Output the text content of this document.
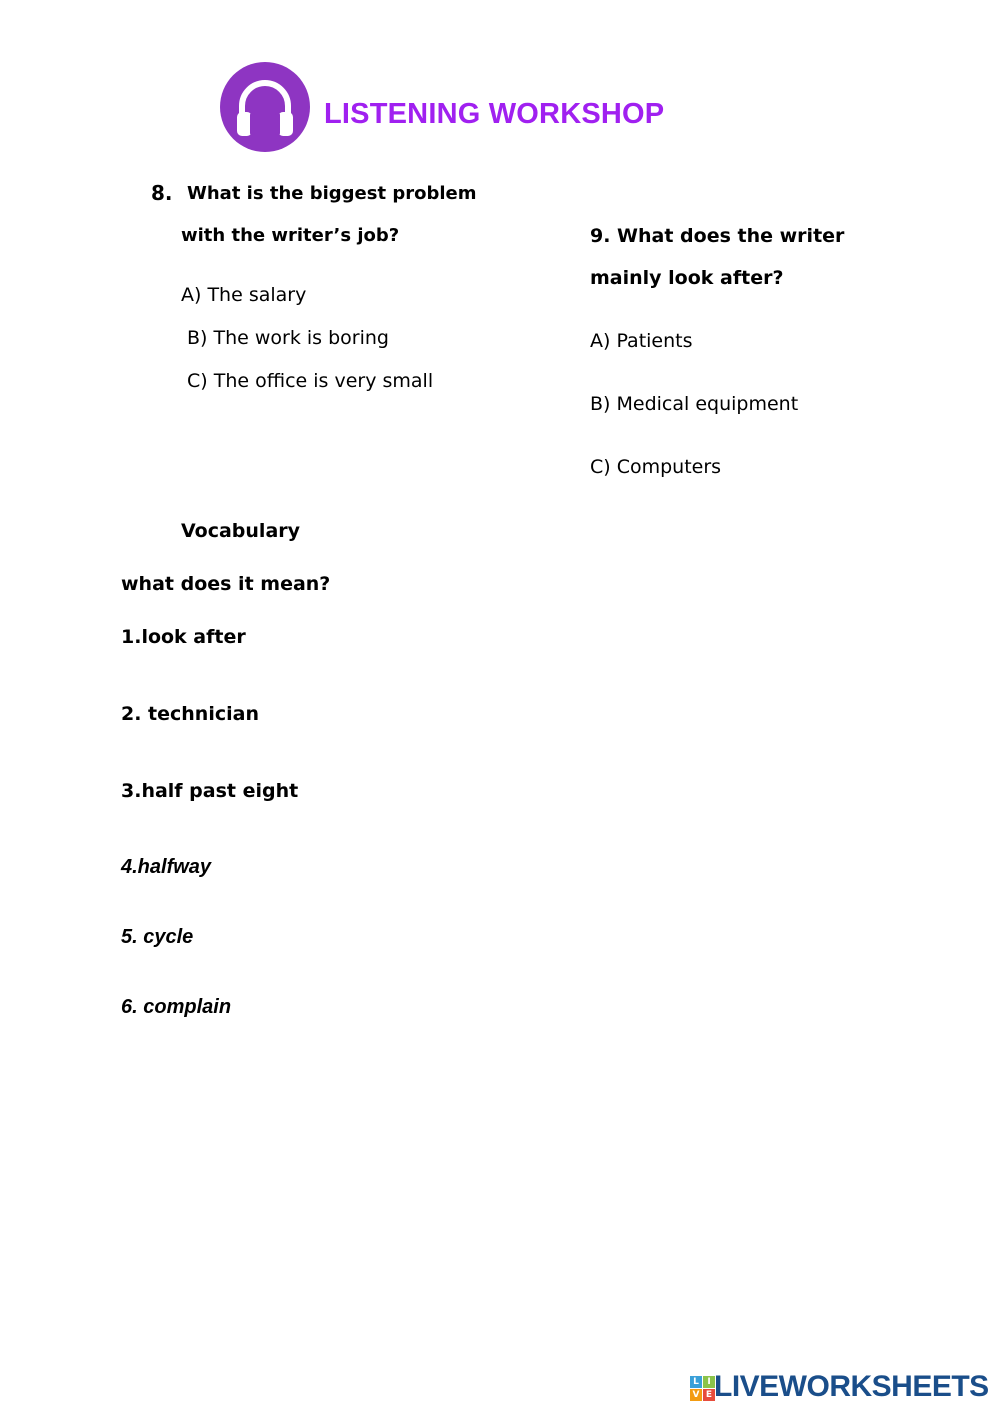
LISTENING WORKSHOP
8. What is the biggest problem
with the writer’s job?
A) The salary
B) The work is boring
C) The office is very small
9. What does the writer
mainly look after?
A) Patients
B) Medical equipment
C) Computers
Vocabulary
what does it mean?
1.look after
2. technician
3.half past eight
4.halfway
5. cycle
6. complain
L I
V E LIVEWORKSHEETS
